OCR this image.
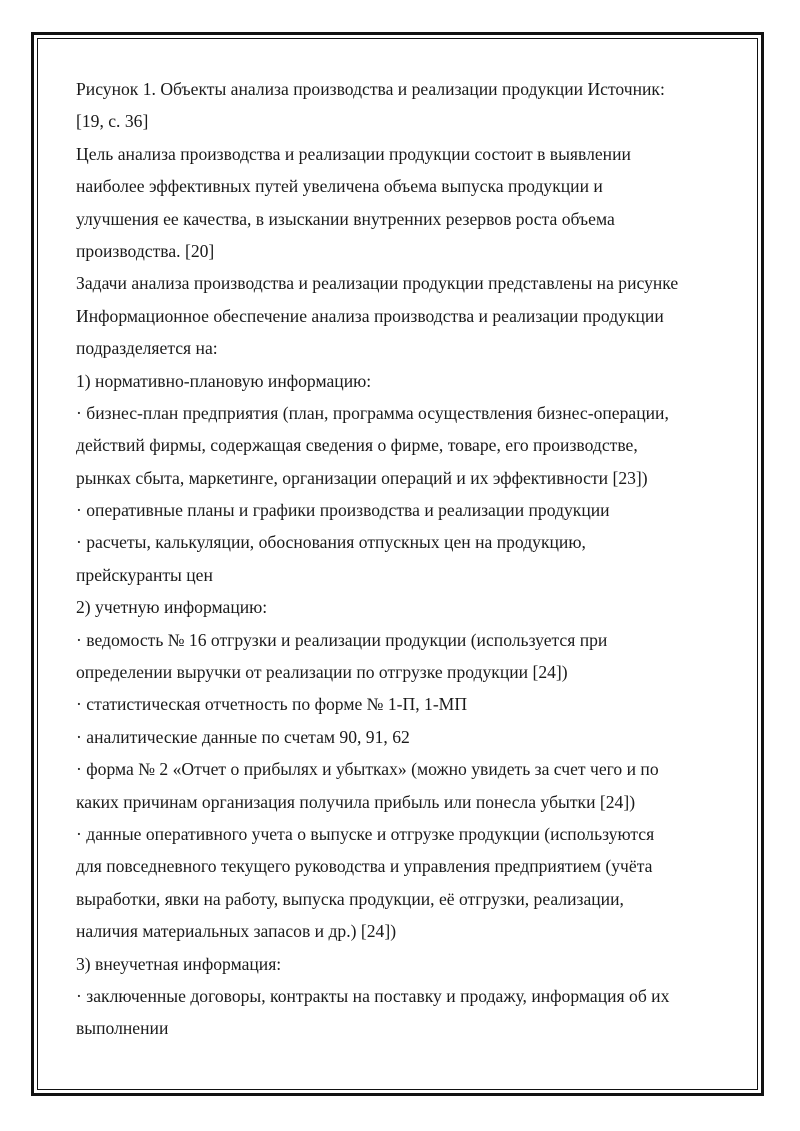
Рисунок 1. Объекты анализа производства и реализации продукции Источник:
[19, с. 36]
Цель анализа производства и реализации продукции состоит в выявлении
наиболее эффективных путей увеличена объема выпуска продукции и
улучшения ее качества, в изыскании внутренних резервов роста объема
производства. [20]
Задачи анализа производства и реализации продукции представлены на рисунке
Информационное обеспечение анализа производства и реализации продукции
подразделяется на:
1) нормативно-плановую информацию:
· бизнес-план предприятия (план, программа осуществления бизнес-операции,
действий фирмы, содержащая сведения о фирме, товаре, его производстве,
рынках сбыта, маркетинге, организации операций и их эффективности [23])
· оперативные планы и графики производства и реализации продукции
· расчеты, калькуляции, обоснования отпускных цен на продукцию,
прейскуранты цен
2) учетную информацию:
· ведомость № 16 отгрузки и реализации продукции (используется при
определении выручки от реализации по отгрузке продукции [24])
· статистическая отчетность по форме № 1-П, 1-МП
· аналитические данные по счетам 90, 91, 62
· форма № 2 «Отчет о прибылях и убытках» (можно увидеть за счет чего и по
каких причинам организация получила прибыль или понесла убытки [24])
· данные оперативного учета о выпуске и отгрузке продукции (используются
для повседневного текущего руководства и управления предприятием (учёта
выработки, явки на работу, выпуска продукции, её отгрузки, реализации,
наличия материальных запасов и др.) [24])
3) внеучетная информация:
· заключенные договоры, контракты на поставку и продажу, информация об их
выполнении
